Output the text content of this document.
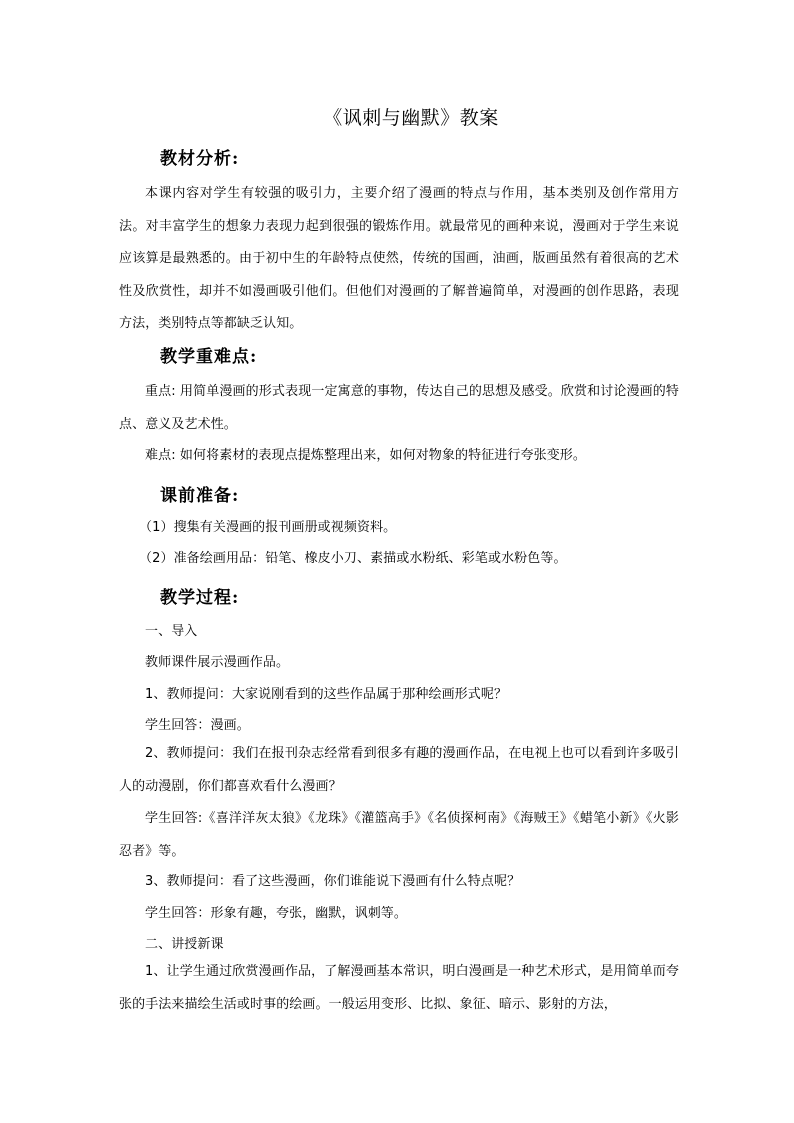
《讽刺与幽默》教案
教材分析:
本课内容对学生有较强的吸引力，主要介绍了漫画的特点与作用，基本类别及创作常用方法。对丰富学生的想象力表现力起到很强的锻炼作用。就最常见的画种来说，漫画对于学生来说应该算是最熟悉的。由于初中生的年龄特点使然，传统的国画，油画，版画虽然有着很高的艺术性及欣赏性，却并不如漫画吸引他们。但他们对漫画的了解普遍简单，对漫画的创作思路，表现方法，类别特点等都缺乏认知。
教学重难点:
重点: 用简单漫画的形式表现一定寓意的事物，传达自己的思想及感受。欣赏和讨论漫画的特点、意义及艺术性。
难点: 如何将素材的表现点提炼整理出来，如何对物象的特征进行夸张变形。
课前准备:
（1）搜集有关漫画的报刊画册或视频资料。
（2）准备绘画用品：铅笔、橡皮小刀、素描或水粉纸、彩笔或水粉色等。
教学过程:
一、导入
教师课件展示漫画作品。
1、教师提问：大家说刚看到的这些作品属于那种绘画形式呢？
学生回答：漫画。
2、教师提问：我们在报刊杂志经常看到很多有趣的漫画作品，在电视上也可以看到许多吸引人的动漫剧，你们都喜欢看什么漫画？
学生回答:《喜洋洋灰太狼》《龙珠》《灌篮高手》《名侦探柯南》《海贼王》《蜡笔小新》《火影忍者》等。
3、教师提问：看了这些漫画，你们谁能说下漫画有什么特点呢？
学生回答：形象有趣，夸张，幽默，讽刺等。
二、讲授新课
1、让学生通过欣赏漫画作品，了解漫画基本常识，明白漫画是一种艺术形式，是用简单而夸张的手法来描绘生活或时事的绘画。一般运用变形、比拟、象征、暗示、影射的方法，
